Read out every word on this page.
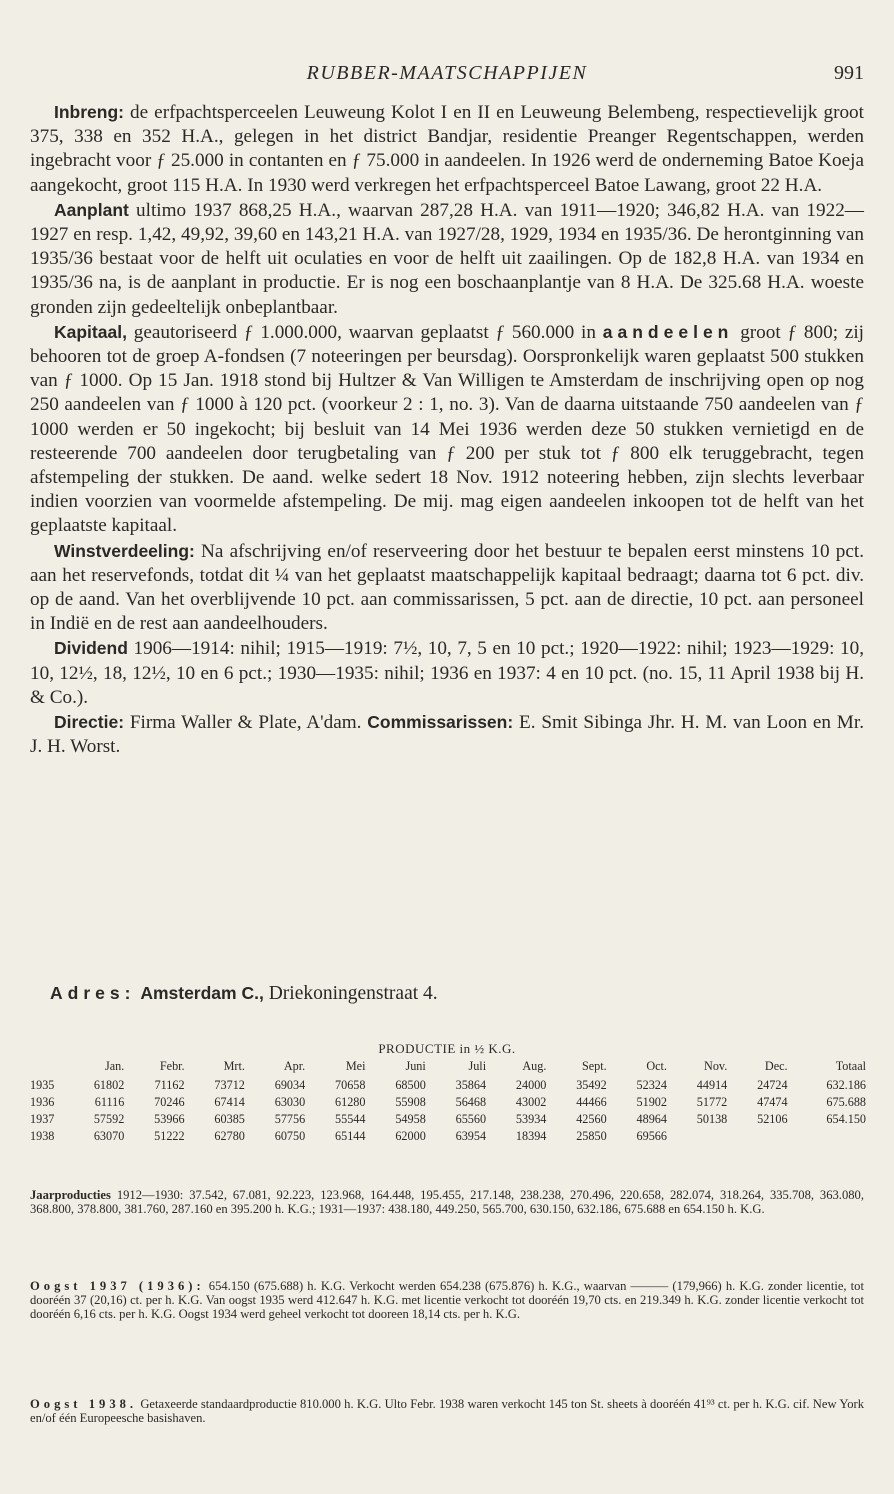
RUBBER-MAATSCHAPPIJEN	991

Inbreng: de erfpachtsperceelen Leuweung Kolot I en II en Leuweung Belembeng, respectievelijk groot 375, 338 en 352 H.A., gelegen in het district Bandjar, residentie Preanger Regentschappen, werden ingebracht voor ƒ 25.000 in contanten en ƒ 75.000 in aandeelen. In 1926 werd de onderneming Batoe Koeja aangekocht, groot 115 H.A. In 1930 werd verkregen het erfpachtsperceel Batoe Lawang, groot 22 H.A.

Aanplant ultimo 1937 868,25 H.A., waarvan 287,28 H.A. van 1911—1920; 346,82 H.A. van 1922—1927 en resp. 1,42, 49,92, 39,60 en 143,21 H.A. van 1927/28, 1929, 1934 en 1935/36. De herontginning van 1935/36 bestaat voor de helft uit oculaties en voor de helft uit zaailingen. Op de 182,8 H.A. van 1934 en 1935/36 na, is de aanplant in productie. Er is nog een boschaanplantje van 8 H.A. De 325.68 H.A. woeste gronden zijn gedeeltelijk onbeplantbaar.

Kapitaal, geautoriseerd ƒ 1.000.000, waarvan geplaatst ƒ 560.000 in aandeelen groot ƒ 800; zij behooren tot de groep A-fondsen (7 noteeringen per beursdag). Oorspronkelijk waren geplaatst 500 stukken van ƒ 1000. Op 15 Jan. 1918 stond bij Hultzer & Van Willigen te Amsterdam de inschrijving open op nog 250 aandeelen van ƒ 1000 à 120 pct. (voorkeur 2 : 1, no. 3). Van de daarna uitstaande 750 aandeelen van ƒ 1000 werden er 50 ingekocht; bij besluit van 14 Mei 1936 werden deze 50 stukken vernietigd en de resteerende 700 aandeelen door terugbetaling van ƒ 200 per stuk tot ƒ 800 elk teruggebracht, tegen afstempeling der stukken. De aand. welke sedert 18 Nov. 1912 noteering hebben, zijn slechts leverbaar indien voorzien van voormelde afstempeling. De mij. mag eigen aandeelen inkoopen tot de helft van het geplaatste kapitaal.

Winstverdeeling: Na afschrijving en/of reserveering door het bestuur te bepalen eerst minstens 10 pct. aan het reservefonds, totdat dit ¼ van het geplaatst maatschappelijk kapitaal bedraagt; daarna tot 6 pct. div. op de aand. Van het overblijvende 10 pct. aan commissarissen, 5 pct. aan de directie, 10 pct. aan personeel in Indië en de rest aan aandeelhouders.

Dividend 1906—1914: nihil; 1915—1919: 7½, 10, 7, 5 en 10 pct.; 1920—1922: nihil; 1923—1929: 10, 10, 12½, 18, 12½, 10 en 6 pct.; 1930—1935: nihil; 1936 en 1937: 4 en 10 pct. (no. 15, 11 April 1938 bij H. & Co.).

Directie: Firma Waller & Plate, A'dam. Commissarissen: E. Smit Sibinga Jhr. H. M. van Loon en Mr. J. H. Worst.

Adres: Amsterdam C., Driekoningenstraat 4.
PRODUCTIE in ½ K.G.
	Jan.	Febr.	Mrt.	Apr.	Mei	Juni	Juli	Aug.	Sept.	Oct.	Nov.	Dec.	Totaal
1935	61802	71162	73712	69034	70658	68500	35864	24000	35492	52324	44914	24724	632.186
1936	61116	70246	67414	63030	61280	55908	56468	43002	44466	51902	51772	47474	675.688
1937	57592	53966	60385	57756	55544	54958	65560	53934	42560	48964	50138	52106	654.150
1938	63070	51222	62780	60750	65144	62000	63954	18394	25850	69566			
Jaarproducties 1912—1930: 37.542, 67.081, 92.223, 123.968, 164.448, 195.455, 217.148, 238.238, 270.496, 220.658, 282.074, 318.264, 335.708, 363.080, 368.800, 378.800, 381.760, 287.160 en 395.200 h. K.G.; 1931—1937: 438.180, 449.250, 565.700, 630.150, 632.186, 675.688 en 654.150 h. K.G.
Oogst 1937 (1936): 654.150 (675.688) h. K.G. Verkocht werden 654.238 (675.876) h. K.G., waarvan ——— (179,966) h. K.G. zonder licentie, tot dooréén 37 (20,16) ct. per h. K.G. Van oogst 1935 werd 412.647 h. K.G. met licentie verkocht tot dooréén 19,70 cts. en 219.349 h. K.G. zonder licentie verkocht tot dooréén 6,16 cts. per h. K.G. Oogst 1934 werd geheel verkocht tot dooreen 18,14 cts. per h. K.G.
Oogst 1938. Getaxeerde standaardproductie 810.000 h. K.G. Ulto Febr. 1938 waren verkocht 145 ton St. sheets à dooréén 41⁹³ ct. per h. K.G. cif. New York en/of één Europeesche basishaven.
